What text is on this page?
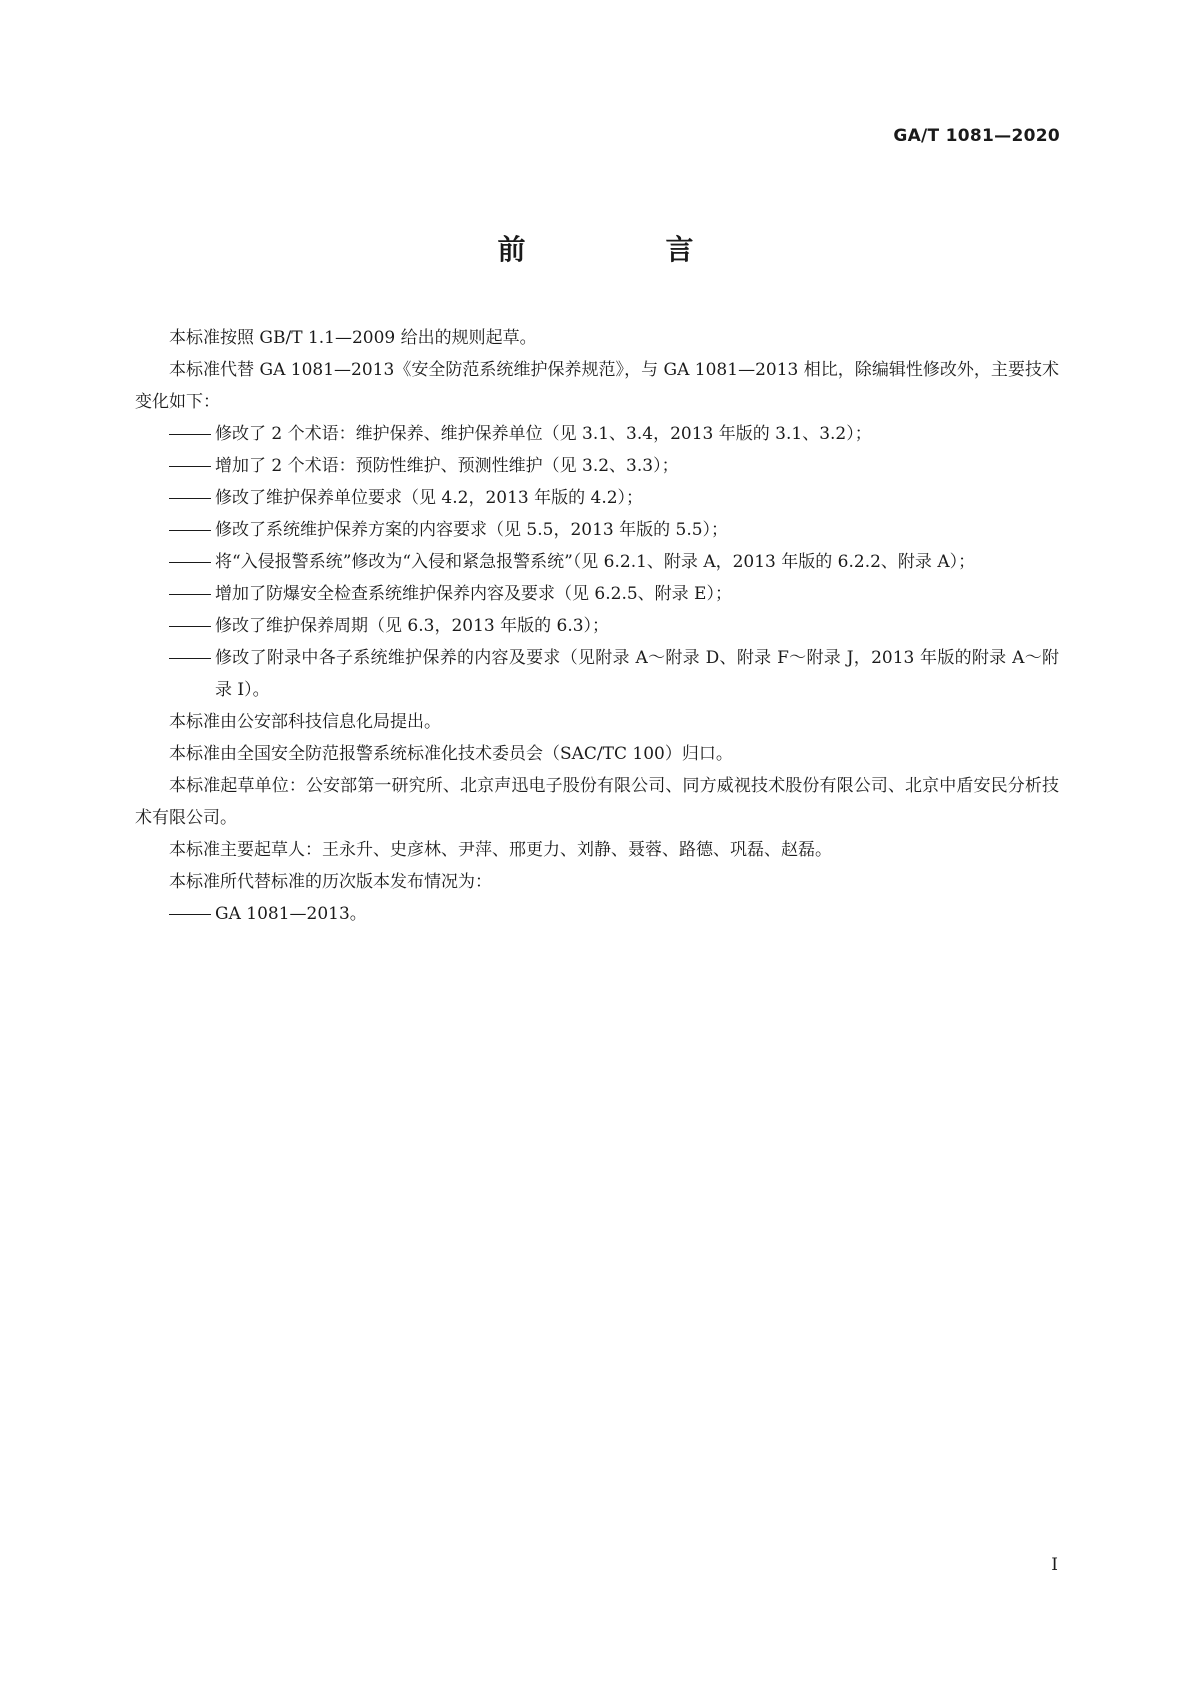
GA/T 1081—2020
前　言

本标准按照 GB/T 1.1—2009 给出的规则起草。

本标准代替 GA 1081—2013《安全防范系统维护保养规范》，与 GA 1081—2013 相比，除编辑性修改外，主要技术变化如下：

修改了 2 个术语：维护保养、维护保养单位（见 3.1、3.4，2013 年版的 3.1、3.2）；
增加了 2 个术语：预防性维护、预测性维护（见 3.2、3.3）；
修改了维护保养单位要求（见 4.2，2013 年版的 4.2）；
修改了系统维护保养方案的内容要求（见 5.5，2013 年版的 5.5）；
将“入侵报警系统”修改为“入侵和紧急报警系统”（见 6.2.1、附录 A，2013 年版的 6.2.2、附录 A）；
增加了防爆安全检查系统维护保养内容及要求（见 6.2.5、附录 E）；
修改了维护保养周期（见 6.3，2013 年版的 6.3）；
修改了附录中各子系统维护保养的内容及要求（见附录 A～附录 D、附录 F～附录 J，2013 年版的附录 A～附录 I）。

本标准由公安部科技信息化局提出。

本标准由全国安全防范报警系统标准化技术委员会（SAC/TC 100）归口。

本标准起草单位：公安部第一研究所、北京声迅电子股份有限公司、同方威视技术股份有限公司、北京中盾安民分析技术有限公司。

本标准主要起草人：王永升、史彦林、尹萍、邢更力、刘静、聂蓉、路德、巩磊、赵磊。

本标准所代替标准的历次版本发布情况为：

GA 1081—2013。
I
